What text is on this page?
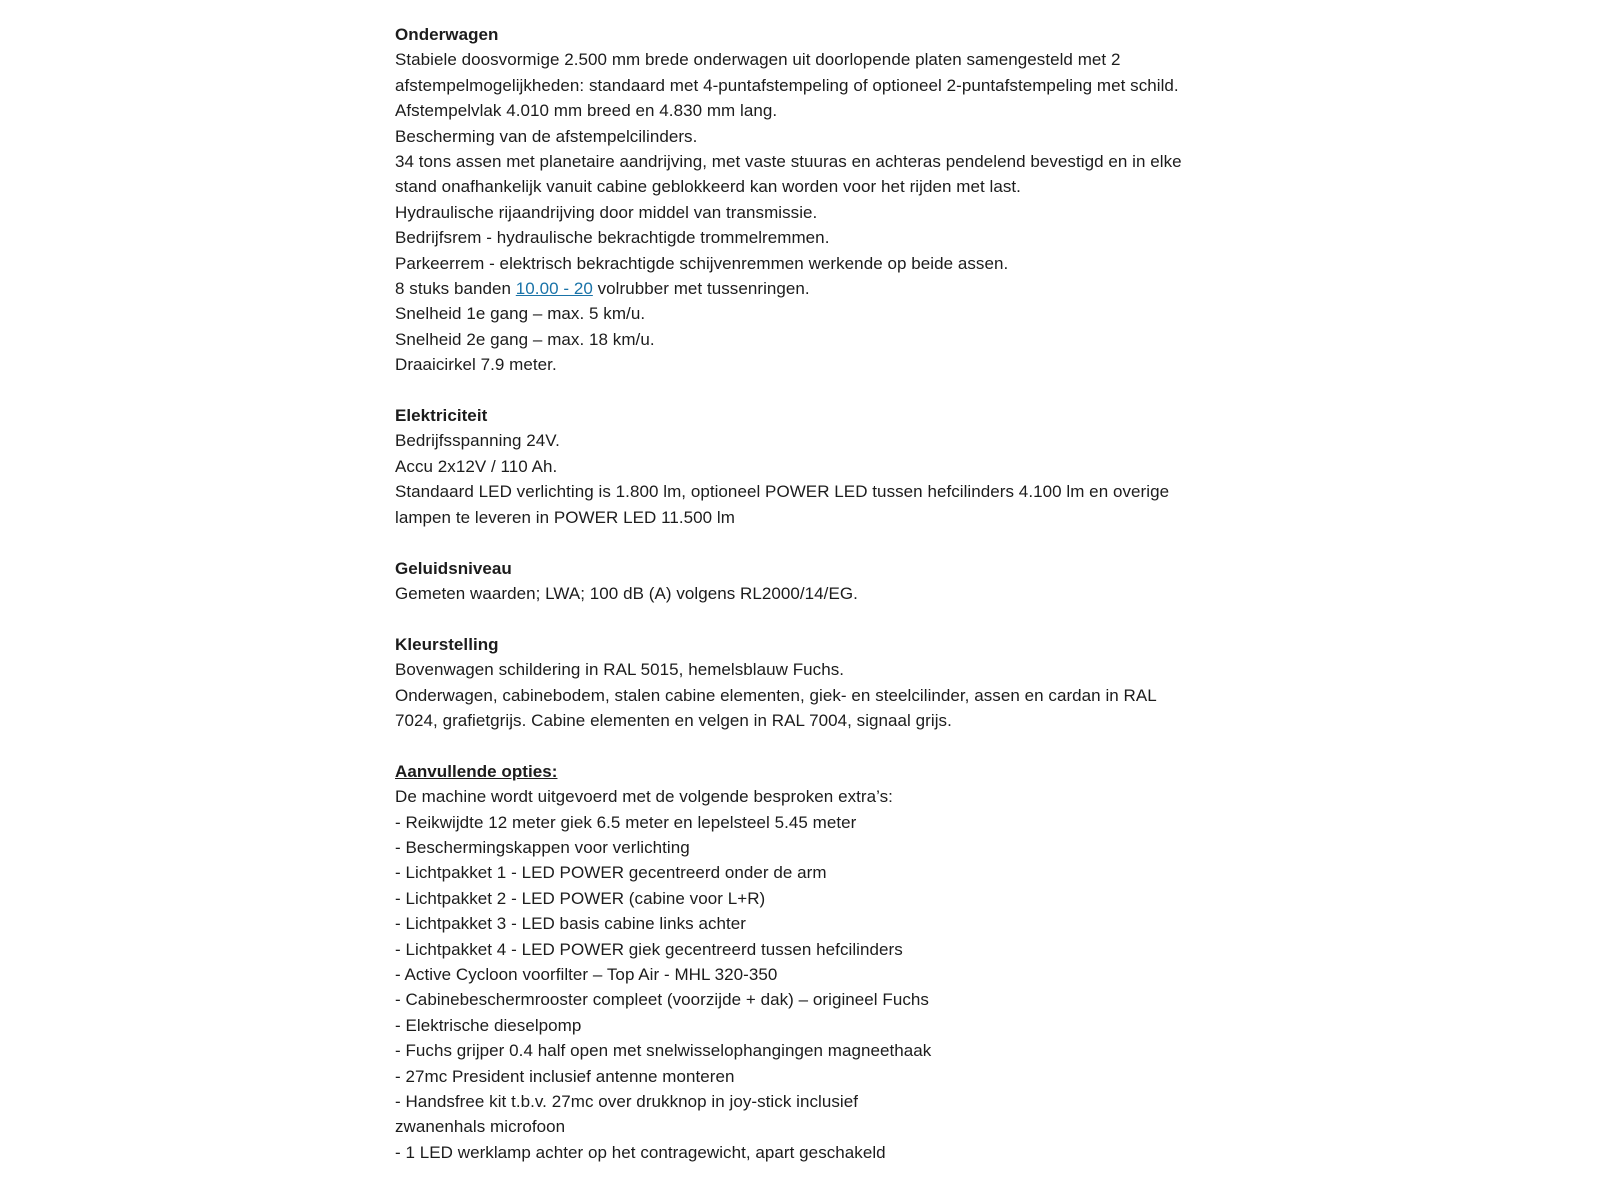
Onderwagen
Stabiele doosvormige 2.500 mm brede onderwagen uit doorlopende platen samengesteld met 2
afstempelmogelijkheden: standaard met 4-puntafstempeling of optioneel 2-puntafstempeling met schild.
Afstempelvlak 4.010 mm breed en 4.830 mm lang.
Bescherming van de afstempelcilinders.
34 tons assen met planetaire aandrijving, met vaste stuuras en achteras pendelend bevestigd en in elke
stand onafhankelijk vanuit cabine geblokkeerd kan worden voor het rijden met last.
Hydraulische rijaandrijving door middel van transmissie.
Bedrijfsrem - hydraulische bekrachtigde trommelremmen.
Parkeerrem - elektrisch bekrachtigde schijvenremmen werkende op beide assen.
8 stuks banden 10.00 - 20 volrubber met tussenringen.
Snelheid 1e gang – max. 5 km/u.
Snelheid 2e gang – max. 18 km/u.
Draaicirkel 7.9 meter.
Elektriciteit
Bedrijfsspanning 24V.
Accu 2x12V / 110 Ah.
Standaard LED verlichting is 1.800 lm, optioneel POWER LED tussen hefcilinders 4.100 lm en overige
lampen te leveren in POWER LED 11.500 lm
Geluidsniveau
Gemeten waarden; LWA; 100 dB (A) volgens RL2000/14/EG.
Kleurstelling
Bovenwagen schildering in RAL 5015, hemelsblauw Fuchs.
Onderwagen, cabinebodem, stalen cabine elementen, giek- en steelcilinder, assen en cardan in RAL
7024, grafietgrijs. Cabine elementen en velgen in RAL 7004, signaal grijs.
Aanvullende opties:
De machine wordt uitgevoerd met de volgende besproken extra’s:
- Reikwijdte 12 meter giek 6.5 meter en lepelsteel 5.45 meter
- Beschermingskappen voor verlichting
- Lichtpakket 1 - LED POWER gecentreerd onder de arm
- Lichtpakket 2 - LED POWER (cabine voor L+R)
- Lichtpakket 3 - LED basis cabine links achter
- Lichtpakket 4 - LED POWER giek gecentreerd tussen hefcilinders
- Active Cycloon voorfilter – Top Air - MHL 320-350
- Cabinebeschermrooster compleet (voorzijde + dak) – origineel Fuchs
- Elektrische dieselpomp
- Fuchs grijper 0.4 half open met snelwisselophangingen magneethaak
- 27mc President inclusief antenne monteren
- Handsfree kit t.b.v. 27mc over drukknop in joy-stick inclusief
zwanenhals microfoon
- 1 LED werklamp achter op het contragewicht, apart geschakeld
